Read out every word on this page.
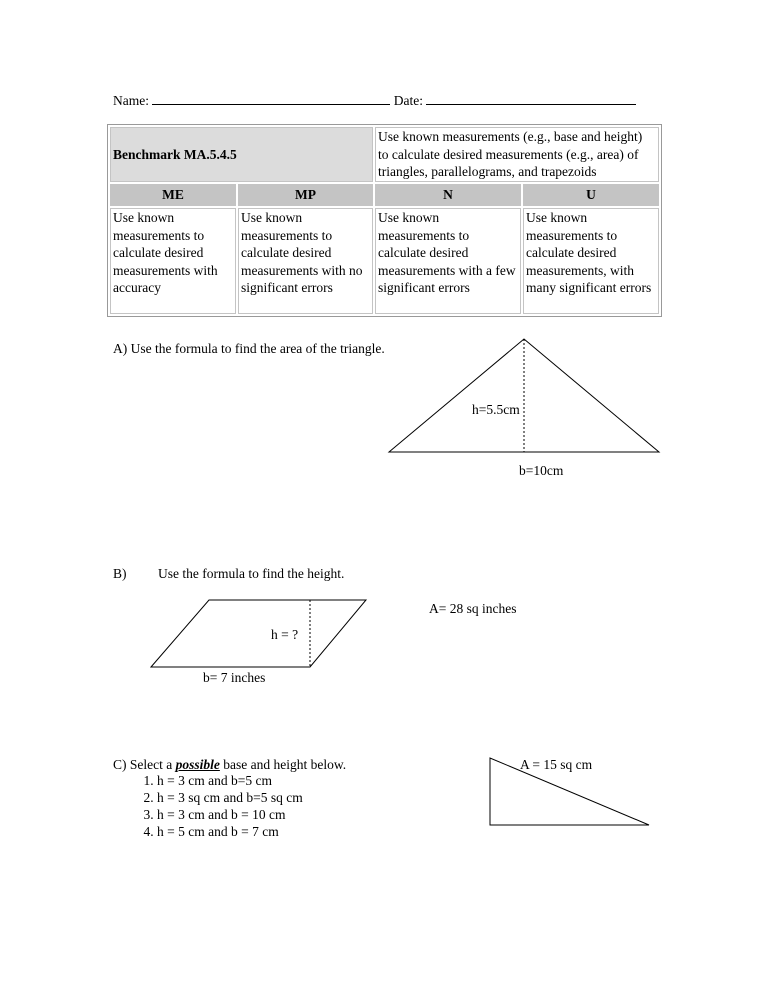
Name:	Date:
Benchmark MA.5.4.5		Use known measurements (e.g., base and height) to calculate desired measurements (e.g., area) of triangles, parallelograms, and trapezoids	
ME	MP	N	U
Use known measurements to calculate desired measurements with accuracy	Use known measurements to calculate desired measurements with no significant errors	Use known measurements to calculate desired measurements with a few significant errors	Use known measurements to calculate desired measurements, with many significant errors
A) Use the formula to find the area of the triangle.
h=5.5cm
b=10cm
B) Use the formula to find the height.
h = ?
b= 7 inches
A= 28 sq inches
C) Select a possible base and height below.	A = 15 sq cm
1. h = 3 cm and b=5 cm
2. h = 3 sq cm and b=5 sq cm
3. h = 3 cm and b = 10 cm
4. h = 5 cm and b = 7 cm
